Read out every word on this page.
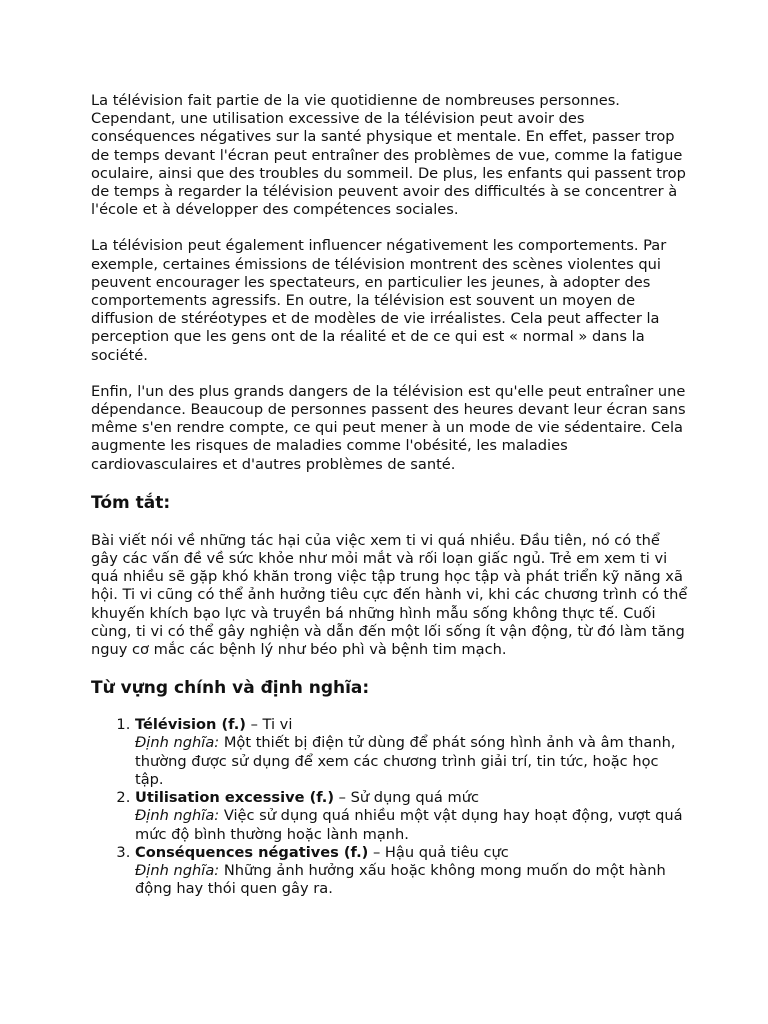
La télévision fait partie de la vie quotidienne de nombreuses personnes. Cependant, une utilisation excessive de la télévision peut avoir des conséquences négatives sur la santé physique et mentale. En effet, passer trop de temps devant l'écran peut entraîner des problèmes de vue, comme la fatigue oculaire, ainsi que des troubles du sommeil. De plus, les enfants qui passent trop de temps à regarder la télévision peuvent avoir des difficultés à se concentrer à l'école et à développer des compétences sociales.

La télévision peut également influencer négativement les comportements. Par exemple, certaines émissions de télévision montrent des scènes violentes qui peuvent encourager les spectateurs, en particulier les jeunes, à adopter des comportements agressifs. En outre, la télévision est souvent un moyen de diffusion de stéréotypes et de modèles de vie irréalistes. Cela peut affecter la perception que les gens ont de la réalité et de ce qui est « normal » dans la société.

Enfin, l'un des plus grands dangers de la télévision est qu'elle peut entraîner une dépendance. Beaucoup de personnes passent des heures devant leur écran sans même s'en rendre compte, ce qui peut mener à un mode de vie sédentaire. Cela augmente les risques de maladies comme l'obésité, les maladies cardiovasculaires et d'autres problèmes de santé.

Tóm tắt:

Bài viết nói về những tác hại của việc xem ti vi quá nhiều. Đầu tiên, nó có thể gây các vấn đề về sức khỏe như mỏi mắt và rối loạn giấc ngủ. Trẻ em xem ti vi quá nhiều sẽ gặp khó khăn trong việc tập trung học tập và phát triển kỹ năng xã hội. Ti vi cũng có thể ảnh hưởng tiêu cực đến hành vi, khi các chương trình có thể khuyến khích bạo lực và truyền bá những hình mẫu sống không thực tế. Cuối cùng, ti vi có thể gây nghiện và dẫn đến một lối sống ít vận động, từ đó làm tăng nguy cơ mắc các bệnh lý như béo phì và bệnh tim mạch.

Từ vựng chính và định nghĩa:
1. Télévision (f.) – Ti vi
Định nghĩa: Một thiết bị điện tử dùng để phát sóng hình ảnh và âm thanh, thường được sử dụng để xem các chương trình giải trí, tin tức, hoặc học tập.
2. Utilisation excessive (f.) – Sử dụng quá mức
Định nghĩa: Việc sử dụng quá nhiều một vật dụng hay hoạt động, vượt quá mức độ bình thường hoặc lành mạnh.
3. Conséquences négatives (f.) – Hậu quả tiêu cực
Định nghĩa: Những ảnh hưởng xấu hoặc không mong muốn do một hành động hay thói quen gây ra.
